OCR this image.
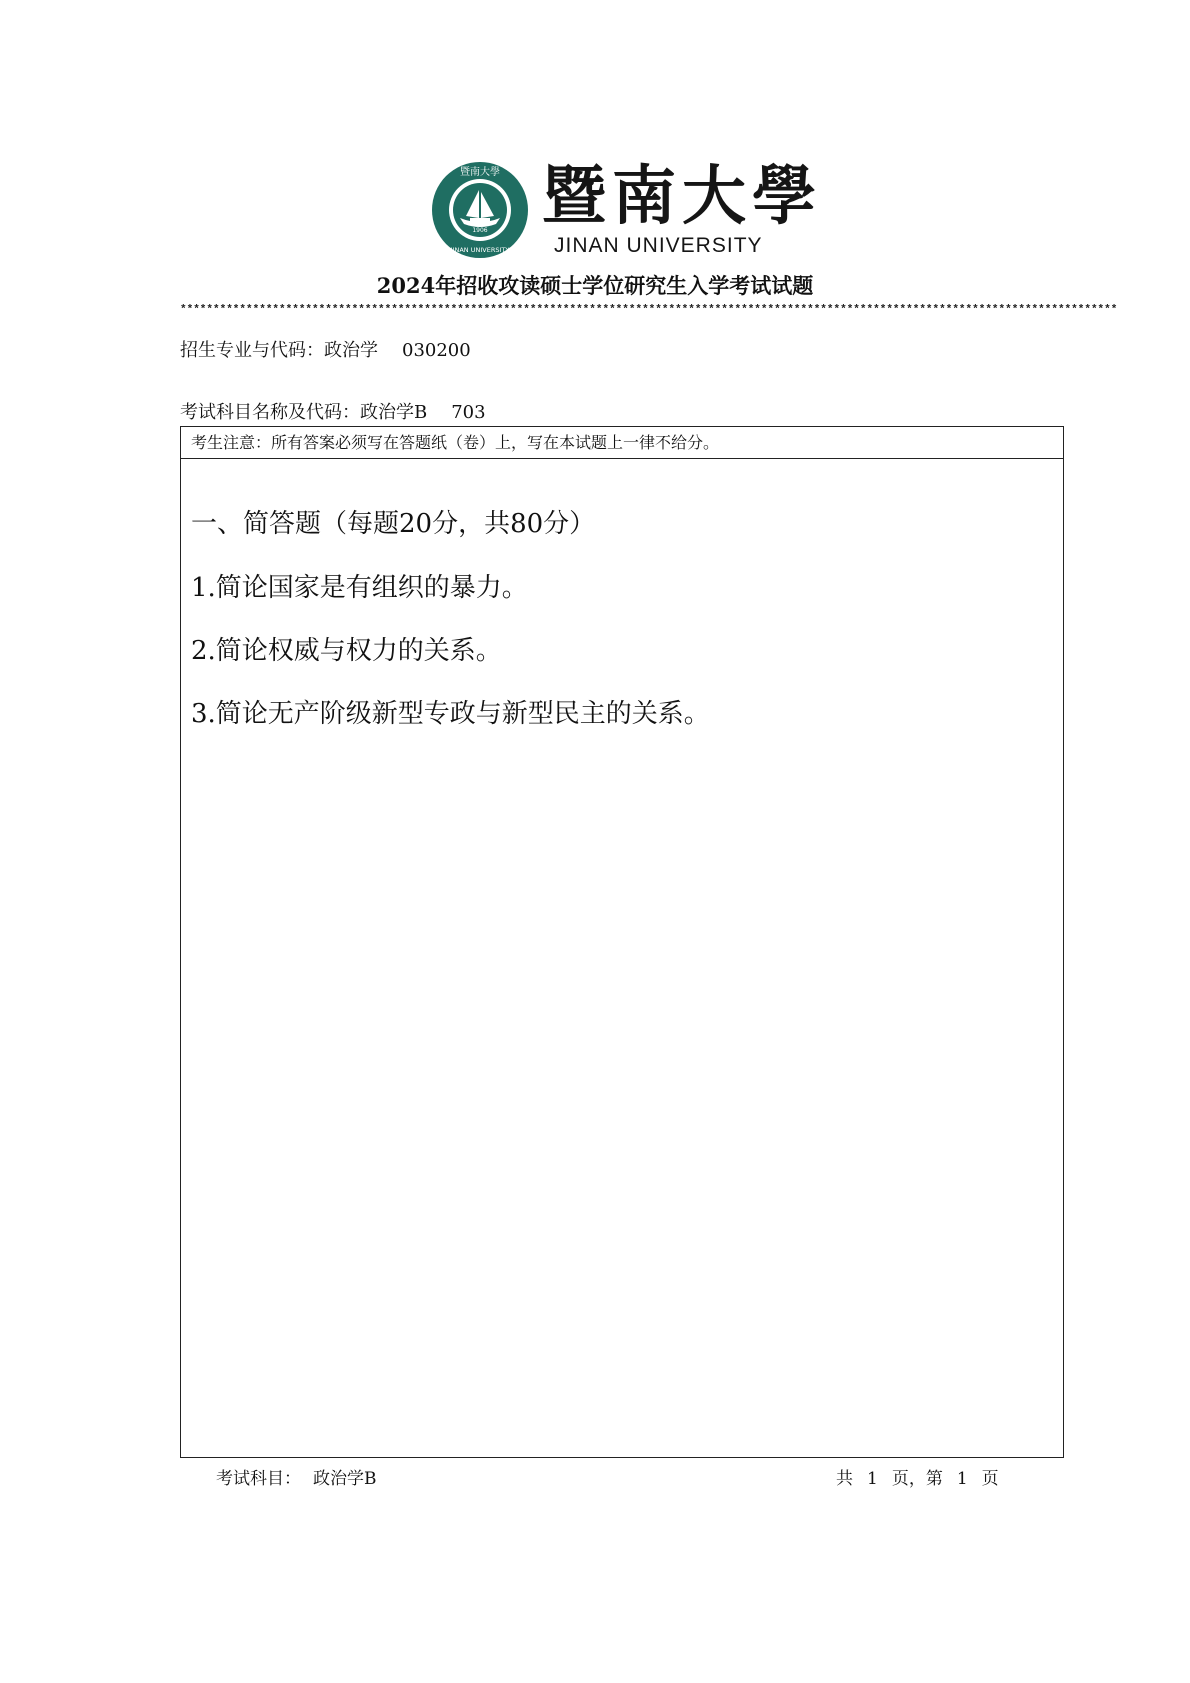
暨南大學
1906
JINAN UNIVERSITY
暨南大學
JINAN UNIVERSITY
2024年招收攻读硕士学位研究生入学考试试题
**********************************************************************************************************************************************
招生专业与代码：政治学 030200
考试科目名称及代码：政治学B 703
考生注意：所有答案必须写在答题纸（卷）上，写在本试题上一律不给分。
一、简答题（每题20分，共80分）
1.简论国家是有组织的暴力。
2.简论权威与权力的关系。
3.简论无产阶级新型专政与新型民主的关系。
考试科目： 政治学B	共 1 页，第 1 页
